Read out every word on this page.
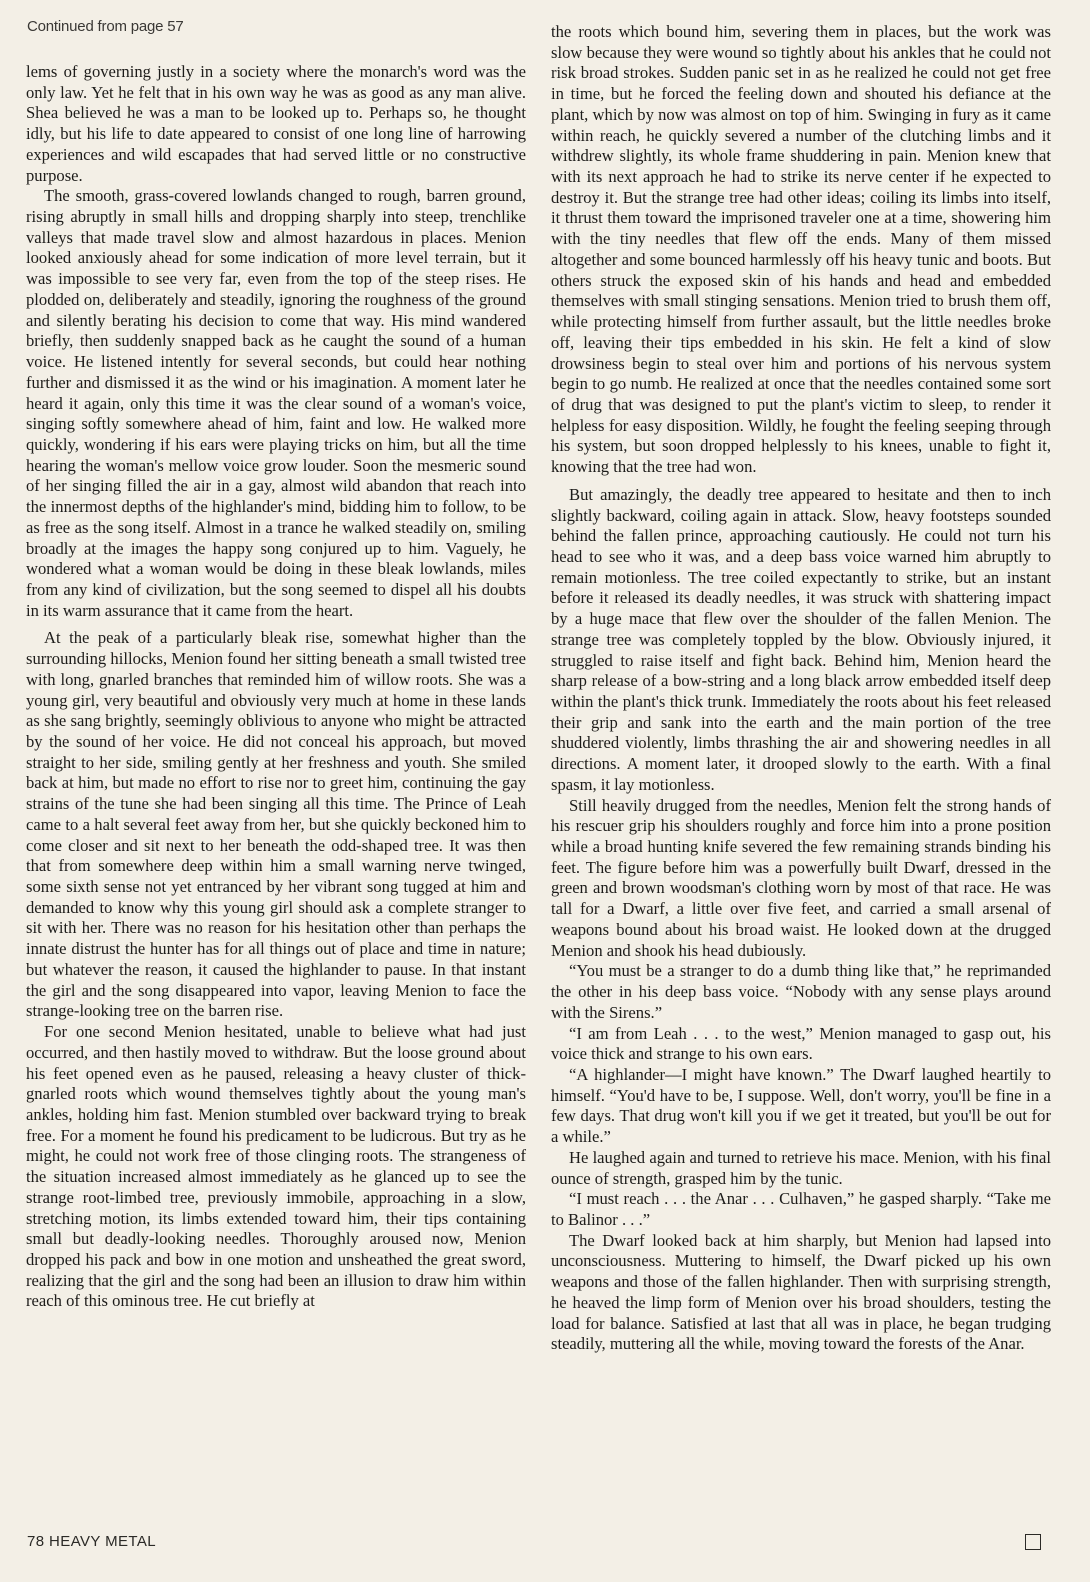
Continued from page 57

lems of governing justly in a society where the monarch's word was the only law. Yet he felt that in his own way he was as good as any man alive. Shea believed he was a man to be looked up to. Perhaps so, he thought idly, but his life to date appeared to consist of one long line of harrowing experiences and wild escapades that had served little or no constructive purpose.

The smooth, grass-covered lowlands changed to rough, barren ground, rising abruptly in small hills and dropping sharply into steep, trenchlike valleys that made travel slow and almost hazardous in places. Menion looked anxiously ahead for some indication of more level terrain, but it was impossible to see very far, even from the top of the steep rises. He plodded on, deliberately and steadily, ignoring the roughness of the ground and silently berating his decision to come that way. His mind wandered briefly, then suddenly snapped back as he caught the sound of a human voice. He listened intently for several seconds, but could hear nothing further and dismissed it as the wind or his imagination. A moment later he heard it again, only this time it was the clear sound of a woman's voice, singing softly somewhere ahead of him, faint and low. He walked more quickly, wondering if his ears were playing tricks on him, but all the time hearing the woman's mellow voice grow louder. Soon the mesmeric sound of her singing filled the air in a gay, almost wild abandon that reach into the innermost depths of the highlander's mind, bidding him to follow, to be as free as the song itself. Almost in a trance he walked steadily on, smiling broadly at the images the happy song conjured up to him. Vaguely, he wondered what a woman would be doing in these bleak lowlands, miles from any kind of civilization, but the song seemed to dispel all his doubts in its warm assurance that it came from the heart.

At the peak of a particularly bleak rise, somewhat higher than the surrounding hillocks, Menion found her sitting beneath a small twisted tree with long, gnarled branches that reminded him of willow roots. She was a young girl, very beautiful and obviously very much at home in these lands as she sang brightly, seemingly oblivious to anyone who might be attracted by the sound of her voice. He did not conceal his approach, but moved straight to her side, smiling gently at her freshness and youth. She smiled back at him, but made no effort to rise nor to greet him, continuing the gay strains of the tune she had been singing all this time. The Prince of Leah came to a halt several feet away from her, but she quickly beckoned him to come closer and sit next to her beneath the odd-shaped tree. It was then that from somewhere deep within him a small warning nerve twinged, some sixth sense not yet entranced by her vibrant song tugged at him and demanded to know why this young girl should ask a complete stranger to sit with her. There was no reason for his hesitation other than perhaps the innate distrust the hunter has for all things out of place and time in nature; but whatever the reason, it caused the highlander to pause. In that instant the girl and the song disappeared into vapor, leaving Menion to face the strange-looking tree on the barren rise.

For one second Menion hesitated, unable to believe what had just occurred, and then hastily moved to withdraw. But the loose ground about his feet opened even as he paused, releasing a heavy cluster of thick-gnarled roots which wound themselves tightly about the young man's ankles, holding him fast. Menion stumbled over backward trying to break free. For a moment he found his predicament to be ludicrous. But try as he might, he could not work free of those clinging roots. The strangeness of the situation increased almost immediately as he glanced up to see the strange root-limbed tree, previously immobile, approaching in a slow, stretching motion, its limbs extended toward him, their tips containing small but deadly-looking needles. Thoroughly aroused now, Menion dropped his pack and bow in one motion and unsheathed the great sword, realizing that the girl and the song had been an illusion to draw him within reach of this ominous tree. He cut briefly at

the roots which bound him, severing them in places, but the work was slow because they were wound so tightly about his ankles that he could not risk broad strokes. Sudden panic set in as he realized he could not get free in time, but he forced the feeling down and shouted his defiance at the plant, which by now was almost on top of him. Swinging in fury as it came within reach, he quickly severed a number of the clutching limbs and it withdrew slightly, its whole frame shuddering in pain. Menion knew that with its next approach he had to strike its nerve center if he expected to destroy it. But the strange tree had other ideas; coiling its limbs into itself, it thrust them toward the imprisoned traveler one at a time, showering him with the tiny needles that flew off the ends. Many of them missed altogether and some bounced harmlessly off his heavy tunic and boots. But others struck the exposed skin of his hands and head and embedded themselves with small stinging sensations. Menion tried to brush them off, while protecting himself from further assault, but the little needles broke off, leaving their tips embedded in his skin. He felt a kind of slow drowsiness begin to steal over him and portions of his nervous system begin to go numb. He realized at once that the needles contained some sort of drug that was designed to put the plant's victim to sleep, to render it helpless for easy disposition. Wildly, he fought the feeling seeping through his system, but soon dropped helplessly to his knees, unable to fight it, knowing that the tree had won.

But amazingly, the deadly tree appeared to hesitate and then to inch slightly backward, coiling again in attack. Slow, heavy footsteps sounded behind the fallen prince, approaching cautiously. He could not turn his head to see who it was, and a deep bass voice warned him abruptly to remain motionless. The tree coiled expectantly to strike, but an instant before it released its deadly needles, it was struck with shattering impact by a huge mace that flew over the shoulder of the fallen Menion. The strange tree was completely toppled by the blow. Obviously injured, it struggled to raise itself and fight back. Behind him, Menion heard the sharp release of a bow-string and a long black arrow embedded itself deep within the plant's thick trunk. Immediately the roots about his feet released their grip and sank into the earth and the main portion of the tree shuddered violently, limbs thrashing the air and showering needles in all directions. A moment later, it drooped slowly to the earth. With a final spasm, it lay motionless.

Still heavily drugged from the needles, Menion felt the strong hands of his rescuer grip his shoulders roughly and force him into a prone position while a broad hunting knife severed the few remaining strands binding his feet. The figure before him was a powerfully built Dwarf, dressed in the green and brown woodsman's clothing worn by most of that race. He was tall for a Dwarf, a little over five feet, and carried a small arsenal of weapons bound about his broad waist. He looked down at the drugged Menion and shook his head dubiously.

“You must be a stranger to do a dumb thing like that,” he reprimanded the other in his deep bass voice. “Nobody with any sense plays around with the Sirens.”

“I am from Leah . . . to the west,” Menion managed to gasp out, his voice thick and strange to his own ears.

“A highlander—I might have known.” The Dwarf laughed heartily to himself. “You'd have to be, I suppose. Well, don't worry, you'll be fine in a few days. That drug won't kill you if we get it treated, but you'll be out for a while.”

He laughed again and turned to retrieve his mace. Menion, with his final ounce of strength, grasped him by the tunic.

“I must reach . . . the Anar . . . Culhaven,” he gasped sharply. “Take me to Balinor . . .”

The Dwarf looked back at him sharply, but Menion had lapsed into unconsciousness. Muttering to himself, the Dwarf picked up his own weapons and those of the fallen highlander. Then with surprising strength, he heaved the limp form of Menion over his broad shoulders, testing the load for balance. Satisfied at last that all was in place, he began trudging steadily, muttering all the while, moving toward the forests of the Anar.

78 HEAVY METAL
